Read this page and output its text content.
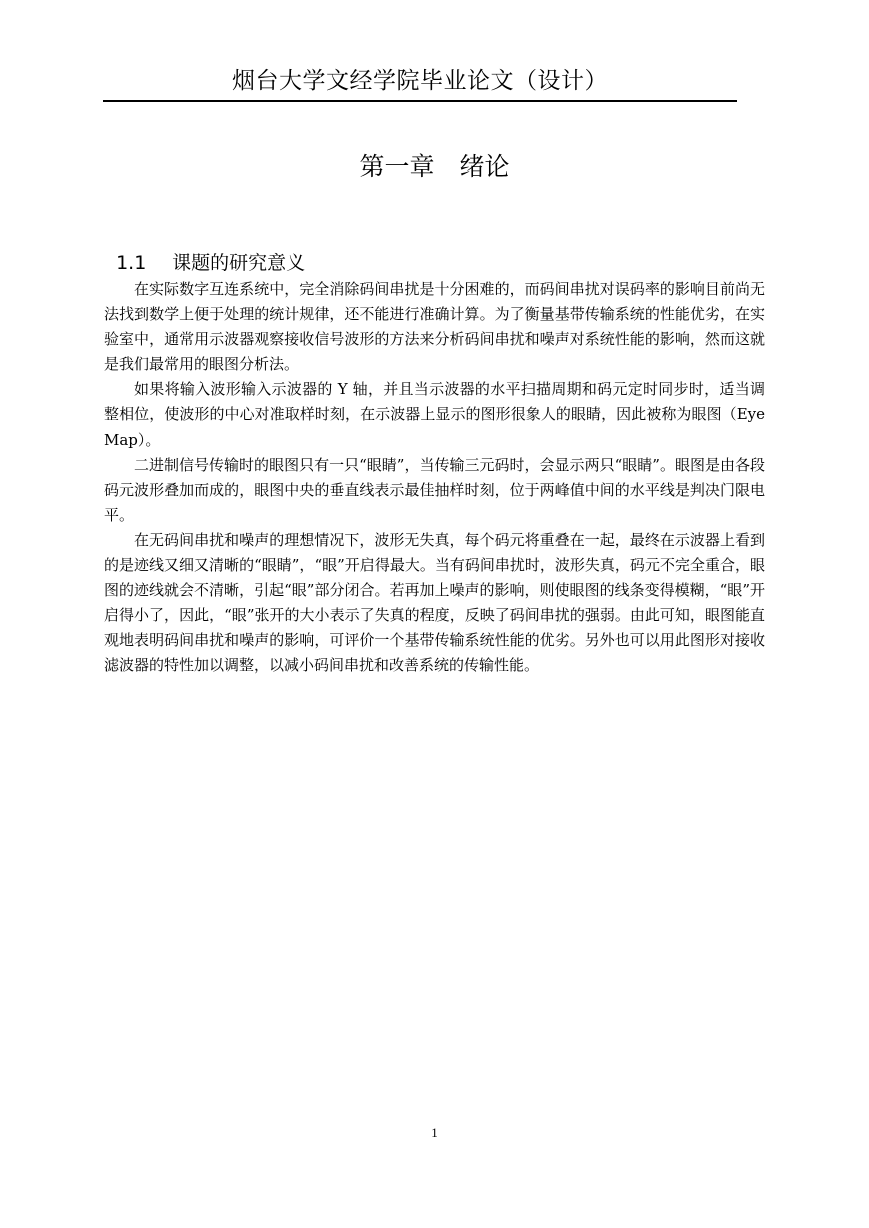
烟台大学文经学院毕业论文（设计）
第一章　绪论

1.1 课题的研究意义

在实际数字互连系统中，完全消除码间串扰是十分困难的，而码间串扰对误码率的影响目前尚无法找到数学上便于处理的统计规律，还不能进行准确计算。为了衡量基带传输系统的性能优劣，在实验室中，通常用示波器观察接收信号波形的方法来分析码间串扰和噪声对系统性能的影响，然而这就是我们最常用的眼图分析法。

如果将输入波形输入示波器的 Y 轴，并且当示波器的水平扫描周期和码元定时同步时，适当调整相位，使波形的中心对准取样时刻，在示波器上显示的图形很象人的眼睛，因此被称为眼图（Eye Map）。

二进制信号传输时的眼图只有一只“眼睛”，当传输三元码时，会显示两只“眼睛”。眼图是由各段码元波形叠加而成的，眼图中央的垂直线表示最佳抽样时刻，位于两峰值中间的水平线是判决门限电平。

在无码间串扰和噪声的理想情况下，波形无失真，每个码元将重叠在一起，最终在示波器上看到的是迹线又细又清晰的“眼睛”，“眼”开启得最大。当有码间串扰时，波形失真，码元不完全重合，眼图的迹线就会不清晰，引起“眼”部分闭合。若再加上噪声的影响，则使眼图的线条变得模糊，“眼”开启得小了，因此，“眼”张开的大小表示了失真的程度，反映了码间串扰的强弱。由此可知，眼图能直观地表明码间串扰和噪声的影响，可评价一个基带传输系统性能的优劣。另外也可以用此图形对接收滤波器的特性加以调整，以减小码间串扰和改善系统的传输性能。

1
